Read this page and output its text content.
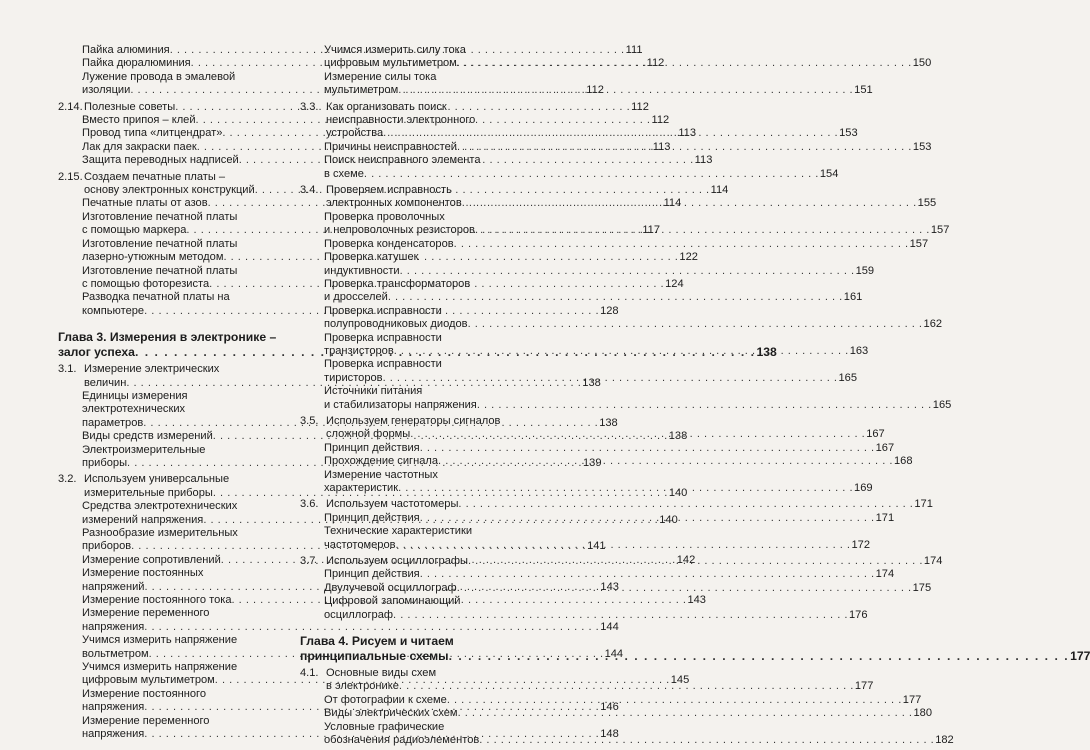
Пайка алюминия . . .	111
Пайка дюралюминия . . .	112
Лужение провода в эмалевой
изоляции . . .	112
2.14. Полезные советы . . .	112
Вместо припоя – клей . . .	112
Провод типа «литцендрат» . . .	113
Лак для закраски паек . . .	113
Защита переводных надписей . . .	113
2.15. Создаем печатные платы –
основу электронных конструкций . . .	114
Печатные платы от азов . . .	114
Изготовление печатной платы
с помощью маркера . . .	117
Изготовление печатной платы
лазерно-утюжным методом . . .	122
Изготовление печатной платы
с помощью фоторезиста . . .	124
Разводка печатной платы на
компьютере . . .	128
Глава 3. Измерения в электронике –
залог успеха . . .	138
3.1. Измерение электрических
величин . . .	138
Единицы измерения
электротехнических
параметров . . .	138
Виды средств измерений . . .	138
Электроизмерительные
приборы . . .	139
3.2. Используем универсальные
измерительные приборы . . .	140
Средства электротехнических
измерений напряжения . . .	140
Разнообразие измерительных
приборов . . .	141
Измерение сопротивлений . . .	142
Измерение постоянных
напряжений . . .	143
Измерение постоянного тока . . .	143
Измерение переменного
напряжения . . .	144
Учимся измерить напряжение
вольтметром . . .	144
Учимся измерить напряжение
цифровым мультиметром . . .	145
Измерение постоянного
напряжения . . .	146
Измерение переменного
напряжения . . .	148
Учимся измерить силу тока
цифровым мультиметром . . .	150
Измерение силы тока
мультиметром . . .	151
3.3. Как организовать поиск
неисправности электронного
устройства . . .	153
Причины неисправностей . . .	153
Поиск неисправного элемента
в схеме . . .	154
3.4. Проверяем исправность
электронных компонентов . . .	155
Проверка проволочных
и непроволочных резисторов . . .	157
Проверка конденсаторов . . .	157
Проверка катушек
индуктивности . . .	159
Проверка трансформаторов
и дросселей . . .	161
Проверка исправности
полупроводниковых диодов . . .	162
Проверка исправности
транзисторов . . .	163
Проверка исправности
тиристоров . . .	165
Источники питания
и стабилизаторы напряжения . . .	165
3.5. Используем генераторы сигналов
сложной формы . . .	167
Принцип действия . . .	167
Прохождение сигнала . . .	168
Измерение частотных
характеристик . . .	169
3.6. Используем частотомеры . . .	171
Принцип действия . . .	171
Технические характеристики
частотомеров . . .	172
3.7. Используем осциллографы . . .	174
Принцип действия . . .	174
Двулучевой осциллограф . . .	175
Цифровой запоминающий
осциллограф . . .	176
Глава 4. Рисуем и читаем
принципиальные схемы . . .	177
4.1. Основные виды схем
в электронике . . .	177
От фотографии к схеме . . .	177
Виды электрических схем . . .	180
Условные графические
обозначения радиоэлементов . . .	182
